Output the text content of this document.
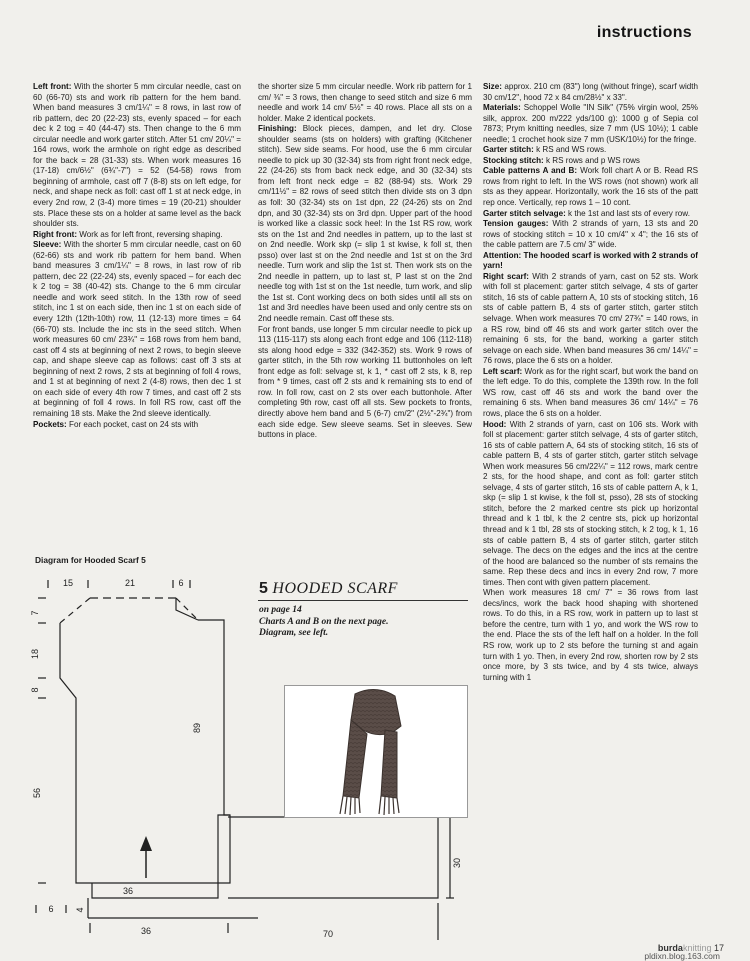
instructions

Left front: With the shorter 5 mm circular needle, cast on 60 (66-70) sts and work rib pattern for the hem band. When band measures 3 cm/1¼" = 8 rows, in last row of rib pattern, dec 20 (22-23) sts, evenly spaced – for each dec k 2 tog = 40 (44-47) sts. Then change to the 6 mm circular needle and work garter stitch. After 51 cm/ 20¼" = 164 rows, work the armhole on right edge as described for the back = 28 (31-33) sts. When work measures 16 (17-18) cm/6½" (6¾"-7") = 52 (54-58) rows from beginning of armhole, cast off 7 (8-8) sts on left edge, for neck, and shape neck as foll: cast off 1 st at neck edge, in every 2nd row, 2 (3-4) more times = 19 (20-21) shoulder sts. Place these sts on a holder at same level as the back shoulder sts.

Right front: Work as for left front, reversing shaping.

Sleeve: With the shorter 5 mm circular needle, cast on 60 (62-66) sts and work rib pattern for hem band. When band measures 3 cm/1¼" = 8 rows, in last row of rib pattern, dec 22 (22-24) sts, evenly spaced – for each dec k 2 tog = 38 (40-42) sts. Change to the 6 mm circular needle and work seed stitch. In the 13th row of seed stitch, inc 1 st on each side, then inc 1 st on each side of every 12th (12th-10th) row, 11 (12-13) more times = 64 (66-70) sts. Include the inc sts in the seed stitch. When work measures 60 cm/ 23¾" = 168 rows from hem band, cast off 4 sts at beginning of next 2 rows, to begin sleeve cap, and shape sleeve cap as follows: cast off 3 sts at beginning of next 2 rows, 2 sts at beginning of foll 4 rows, and 1 st at beginning of next 2 (4-8) rows, then dec 1 st on each side of every 4th row 7 times, and cast off 2 sts at beginning of foll 4 rows. In foll RS row, cast off the remaining 18 sts. Make the 2nd sleeve identically.

Pockets: For each pocket, cast on 24 sts with

the shorter size 5 mm circular needle. Work rib pattern for 1 cm/ ⅜" = 3 rows, then change to seed stitch and size 6 mm needle and work 14 cm/ 5½" = 40 rows. Place all sts on a holder. Make 2 identical pockets.

Finishing: Block pieces, dampen, and let dry. Close shoulder seams (sts on holders) with grafting (Kitchener stitch). Sew side seams. For hood, use the 6 mm circular needle to pick up 30 (32-34) sts from right front neck edge, 22 (24-26) sts from back neck edge, and 30 (32-34) sts from left front neck edge = 82 (88-94) sts. Work 29 cm/11½" = 82 rows of seed stitch then divide sts on 3 dpn as foll: 30 (32-34) sts on 1st dpn, 22 (24-26) sts on 2nd dpn, and 30 (32-34) sts on 3rd dpn. Upper part of the hood is worked like a classic sock heel: In the 1st RS row, work sts on the 1st and 2nd needles in pattern, up to the last st on 2nd needle. Work skp (= slip 1 st kwise, k foll st, then psso) over last st on the 2nd needle and 1st st on the 3rd needle. Turn work and slip the 1st st. Then work sts on the 2nd needle in pattern, up to last st, P last st on the 2nd needle tog with 1st st on the 1st needle, turn work, and slip the 1st st. Cont working decs on both sides until all sts on 1st and 3rd needles have been used and only centre sts on 2nd needle remain. Cast off these sts.

For front bands, use longer 5 mm circular needle to pick up 113 (115-117) sts along each front edge and 106 (112-118) sts along hood edge = 332 (342-352) sts. Work 9 rows of garter stitch, in the 5th row working 11 buttonholes on left front edge as foll: selvage st, k 1, * cast off 2 sts, k 8, rep from * 9 times, cast off 2 sts and k remaining sts to end of row. In foll row, cast on 2 sts over each buttonhole. After completing 9th row, cast off all sts. Sew pockets to fronts, directly above hem band and 5 (6-7) cm/2" (2½"-2¾") from each side edge. Sew sleeve seams. Set in sleeves. Sew buttons in place.

Size: approx. 210 cm (83") long (without fringe), scarf width 30 cm/12", hood 72 x 84 cm/28½" x 33".

Materials: Schoppel Wolle "IN Silk" (75% virgin wool, 25% silk, approx. 200 m/222 yds/100 g): 1000 g of Sepia col 7873; Prym knitting needles, size 7 mm (US 10½); 1 cable needle; 1 crochet hook size 7 mm (USK/10½) for the fringe.

Garter stitch: k RS and WS rows.

Stocking stitch: k RS rows and p WS rows

Cable patterns A and B: Work foll chart A or B. Read RS rows from right to left. In the WS rows (not shown) work all sts as they appear. Horizontally, work the 16 sts of the patt rep once. Vertically, rep rows 1 – 10 cont.

Garter stitch selvage: k the 1st and last sts of every row.

Tension gauges: With 2 strands of yarn, 13 sts and 20 rows of stocking stitch = 10 x 10 cm/4" x 4"; the 16 sts of the cable pattern are 7.5 cm/ 3" wide.

Attention: The hooded scarf is worked with 2 strands of yarn!

Right scarf: With 2 strands of yarn, cast on 52 sts. Work with foll st placement: garter stitch selvage, 4 sts of garter stitch, 16 sts of cable pattern A, 10 sts of stocking stitch, 16 sts of cable pattern B, 4 sts of garter stitch, garter stitch selvage. When work measures 70 cm/ 27¾" = 140 rows, in a RS row, bind off 46 sts and work garter stitch over the remaining 6 sts, for the band, working a garter stitch selvage on each side. When band measures 36 cm/ 14¼" = 76 rows, place the 6 sts on a holder.

Left scarf: Work as for the right scarf, but work the band on the left edge. To do this, complete the 139th row. In the foll WS row, cast off 46 sts and work the band over the remaining 6 sts. When band measures 36 cm/ 14¼" = 76 rows, place the 6 sts on a holder.

Hood: With 2 strands of yarn, cast on 106 sts. Work with foll st placement: garter stitch selvage, 4 sts of garter stitch, 16 sts of cable pattern A, 64 sts of stocking stitch, 16 sts of cable pattern B, 4 sts of garter stitch, garter stitch selvage When work measures 56 cm/22¼" = 112 rows, mark centre 2 sts, for the hood shape, and cont as foll: garter stitch selvage, 4 sts of garter stitch, 16 sts of cable pattern A, k 1, skp (= slip 1 st kwise, k the foll st, psso), 28 sts of stocking stitch, before the 2 marked centre sts pick up horizontal thread and k 1 tbl, k the 2 centre sts, pick up horizontal thread and k 1 tbl, 28 sts of stocking stitch, k 2 tog, k 1, 16 sts of cable pattern B, 4 sts of garter stitch, garter stitch selvage. The decs on the edges and the incs at the centre of the hood are balanced so the number of sts remains the same. Rep these decs and incs in every 2nd row, 7 more times. Then cont with given pattern placement.

When work measures 18 cm/ 7" = 36 rows from last decs/incs, work the back hood shaping with shortened rows. To do this, in a RS row, work in pattern up to last st before the centre, turn with 1 yo, and work the WS row to the end. Place the sts of the left half on a holder. In the foll RS row, work up to 2 sts before the turning st and again turn with 1 yo. Then, in every 2nd row, shorten row by 2 sts once more, by 3 sts twice, and by 4 sts twice, always turning with 1

Diagram for Hooded Scarf 5
15	21	6
7
18
8
56
89
36
6 4
36	70
30
5 HOODED SCARF
on page 14
Charts A and B on the next page.
Diagram, see left.
burdaknitting 17
pldixn.blog.163.com
